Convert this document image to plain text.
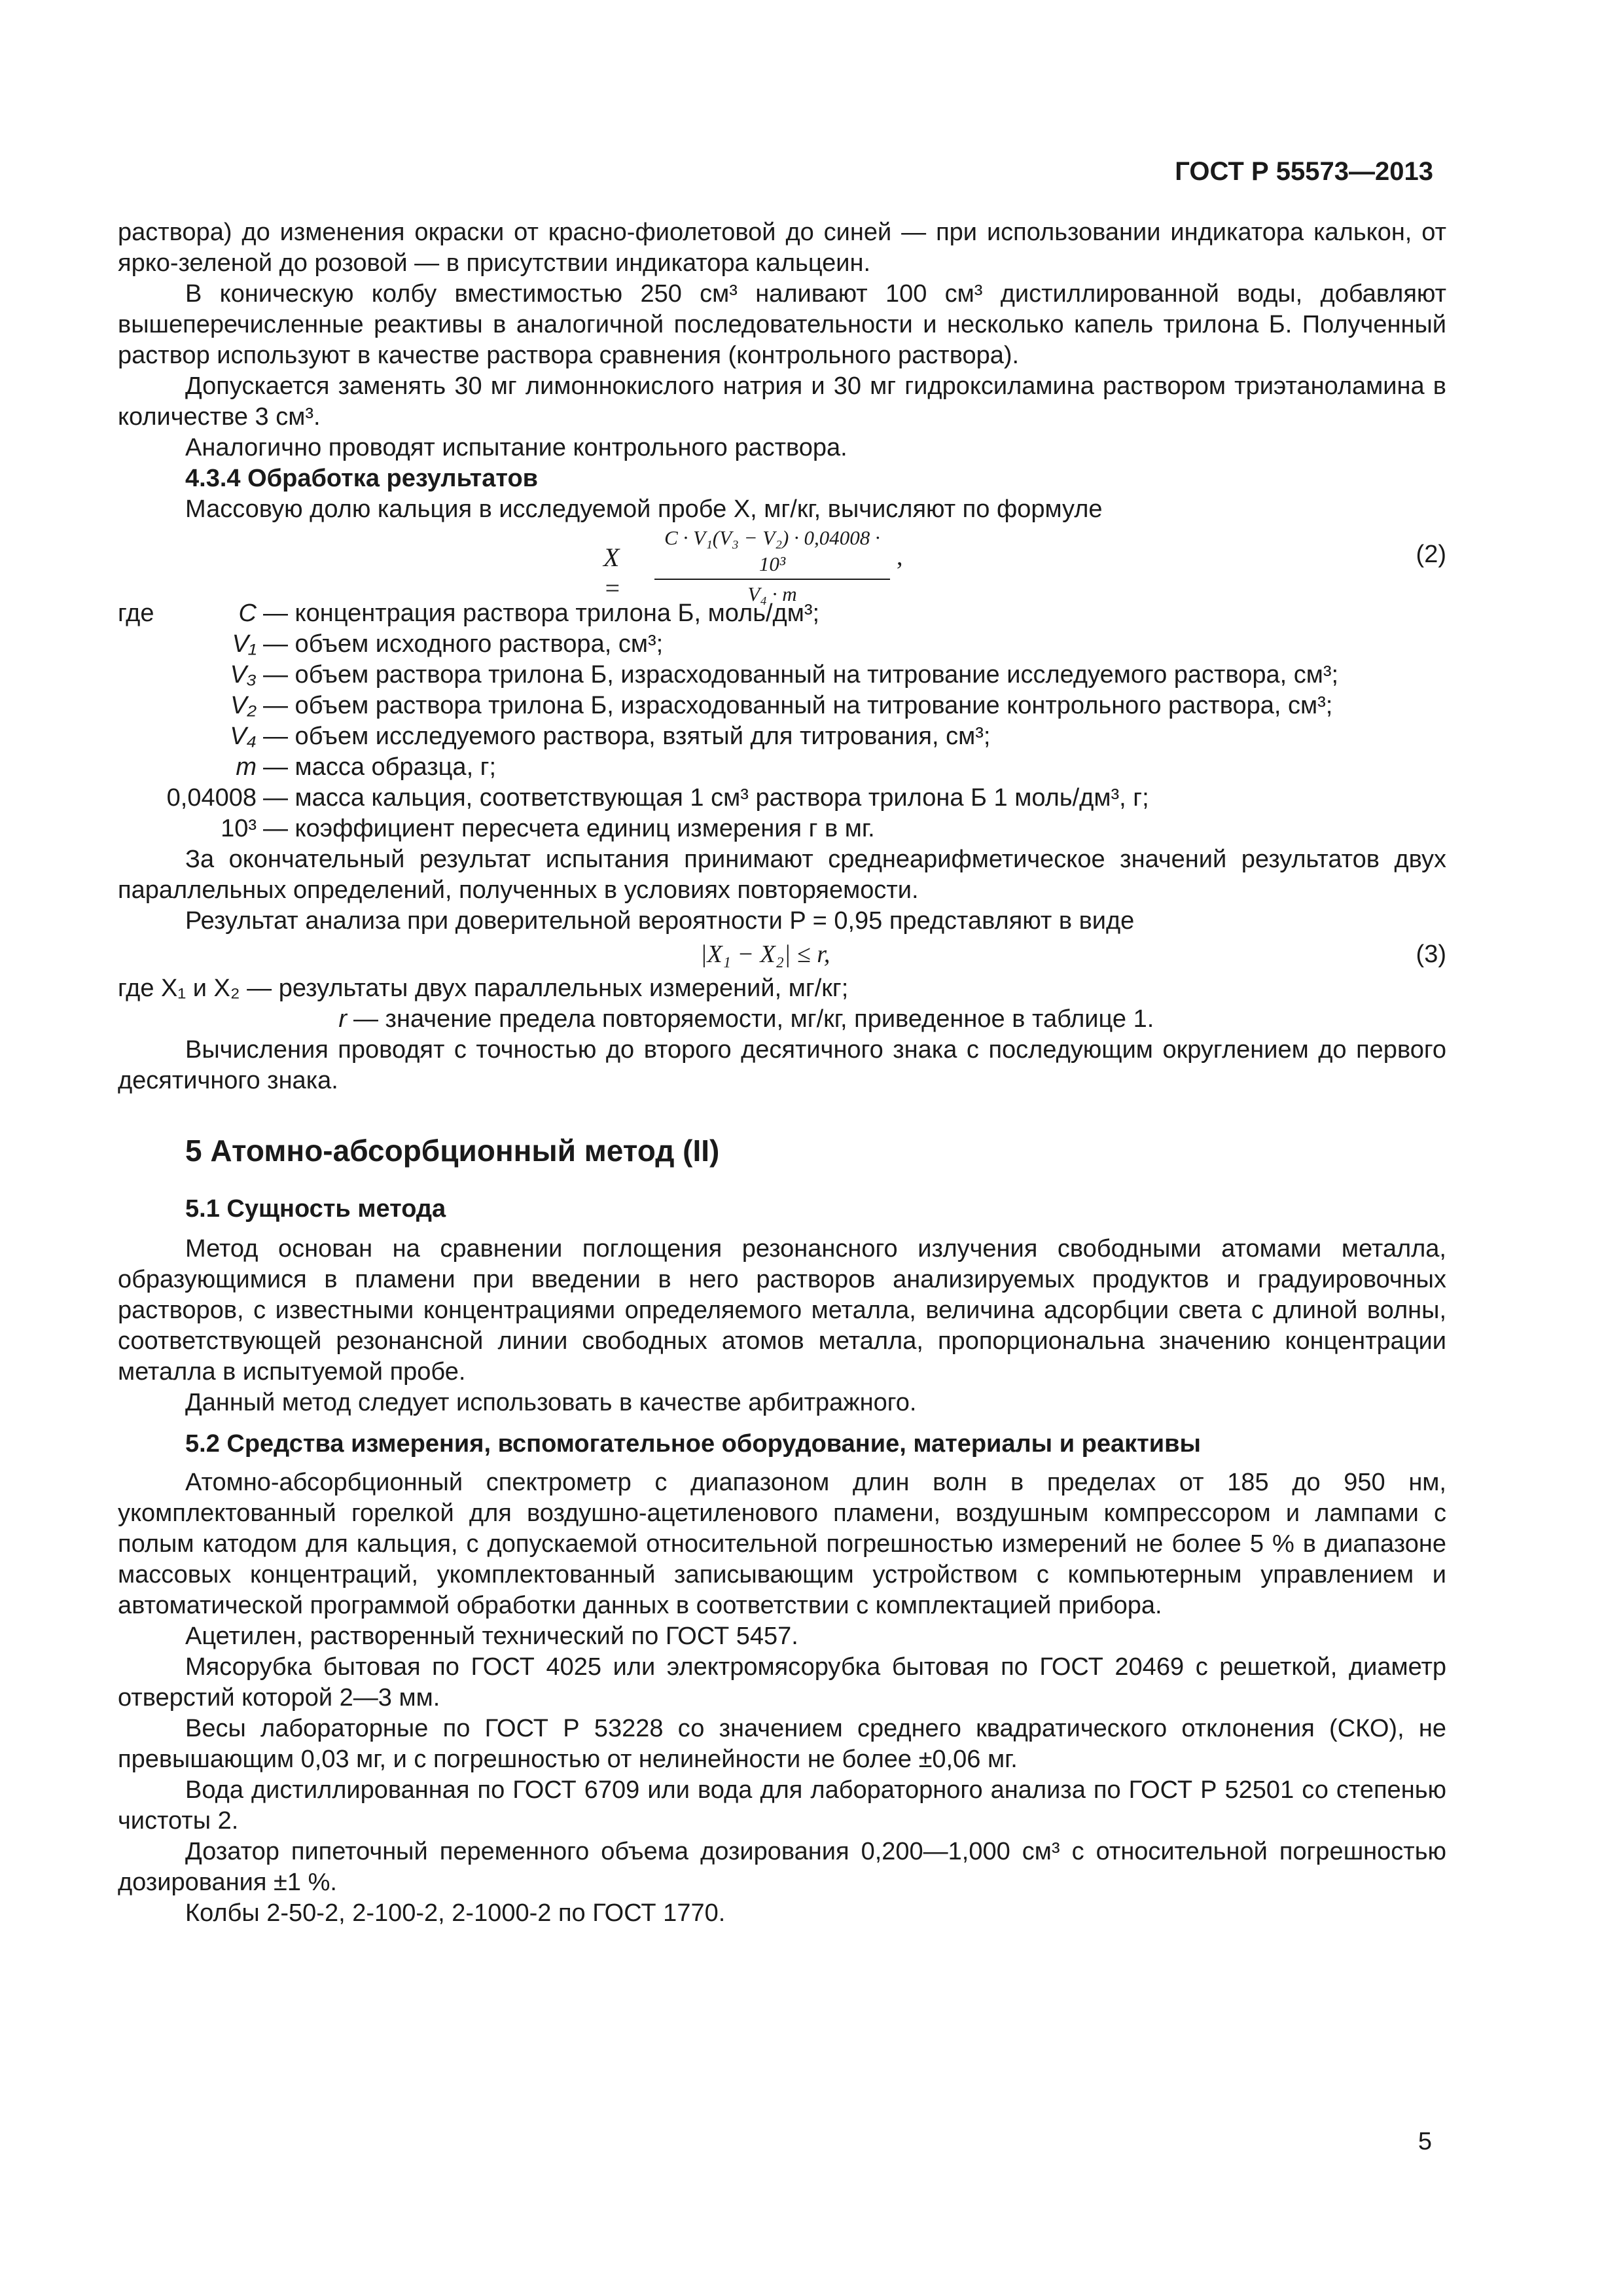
ГОСТ Р 55573—2013

раствора) до изменения окраски от красно-фиолетовой до синей — при использовании индикатора калькон, от ярко-зеленой до розовой — в присутствии индикатора кальцеин.

В коническую колбу вместимостью 250 см³ наливают 100 см³ дистиллированной воды, добавляют вышеперечисленные реактивы в аналогичной последовательности и несколько капель трилона Б. Полученный раствор используют в качестве раствора сравнения (контрольного раствора).

Допускается заменять 30 мг лимоннокислого натрия и 30 мг гидроксиламина раствором триэтаноламина в количестве 3 см³.

Аналогично проводят испытание контрольного раствора.

4.3.4 Обработка результатов

Массовую долю кальция в исследуемой пробе X, мг/кг, вычисляют по формуле

X =
C · V₁(V₃ − V₂) · 0,04008 · 10³
V₄ · m
,	(2)
где	C — концентрация раствора трилона Б, моль/дм³;
V₁ — объем исходного раствора, см³;
V₃ — объем раствора трилона Б, израсходованный на титрование исследуемого раствора, см³;
V₂ — объем раствора трилона Б, израсходованный на титрование контрольного раствора, см³;
V₄ — объем исследуемого раствора, взятый для титрования, см³;
m — масса образца, г;
0,04008 — масса кальция, соответствующая 1 см³ раствора трилона Б 1 моль/дм³, г;
10³ — коэффициент пересчета единиц измерения г в мг.

За окончательный результат испытания принимают среднеарифметическое значений результатов двух параллельных определений, полученных в условиях повторяемости.

Результат анализа при доверительной вероятности P = 0,95 представляют в виде

|X₁ − X₂| ≤ r,	(3)

где X₁ и X₂ — результаты двух параллельных измерений, мг/кг;

r — значение предела повторяемости, мг/кг, приведенное в таблице 1.

Вычисления проводят с точностью до второго десятичного знака с последующим округлением до первого десятичного знака.

5 Атомно-абсорбционный метод (II)

5.1 Сущность метода

Метод основан на сравнении поглощения резонансного излучения свободными атомами металла, образующимися в пламени при введении в него растворов анализируемых продуктов и градуировочных растворов, с известными концентрациями определяемого металла, величина адсорбции света с длиной волны, соответствующей резонансной линии свободных атомов металла, пропорциональна значению концентрации металла в испытуемой пробе.

Данный метод следует использовать в качестве арбитражного.

5.2 Средства измерения, вспомогательное оборудование, материалы и реактивы

Атомно-абсорбционный спектрометр с диапазоном длин волн в пределах от 185 до 950 нм, укомплектованный горелкой для воздушно-ацетиленового пламени, воздушным компрессором и лампами с полым катодом для кальция, с допускаемой относительной погрешностью измерений не более 5 % в диапазоне массовых концентраций, укомплектованный записывающим устройством с компьютерным управлением и автоматической программой обработки данных в соответствии с комплектацией прибора.

Ацетилен, растворенный технический по ГОСТ 5457.

Мясорубка бытовая по ГОСТ 4025 или электромясорубка бытовая по ГОСТ 20469 с решеткой, диаметр отверстий которой 2—3 мм.

Весы лабораторные по ГОСТ Р 53228 со значением среднего квадратического отклонения (СКО), не превышающим 0,03 мг, и с погрешностью от нелинейности не более ±0,06 мг.

Вода дистиллированная по ГОСТ 6709 или вода для лабораторного анализа по ГОСТ Р 52501 со степенью чистоты 2.

Дозатор пипеточный переменного объема дозирования 0,200—1,000 см³ с относительной погрешностью дозирования ±1 %.

Колбы 2-50-2, 2-100-2, 2-1000-2 по ГОСТ 1770.

5
